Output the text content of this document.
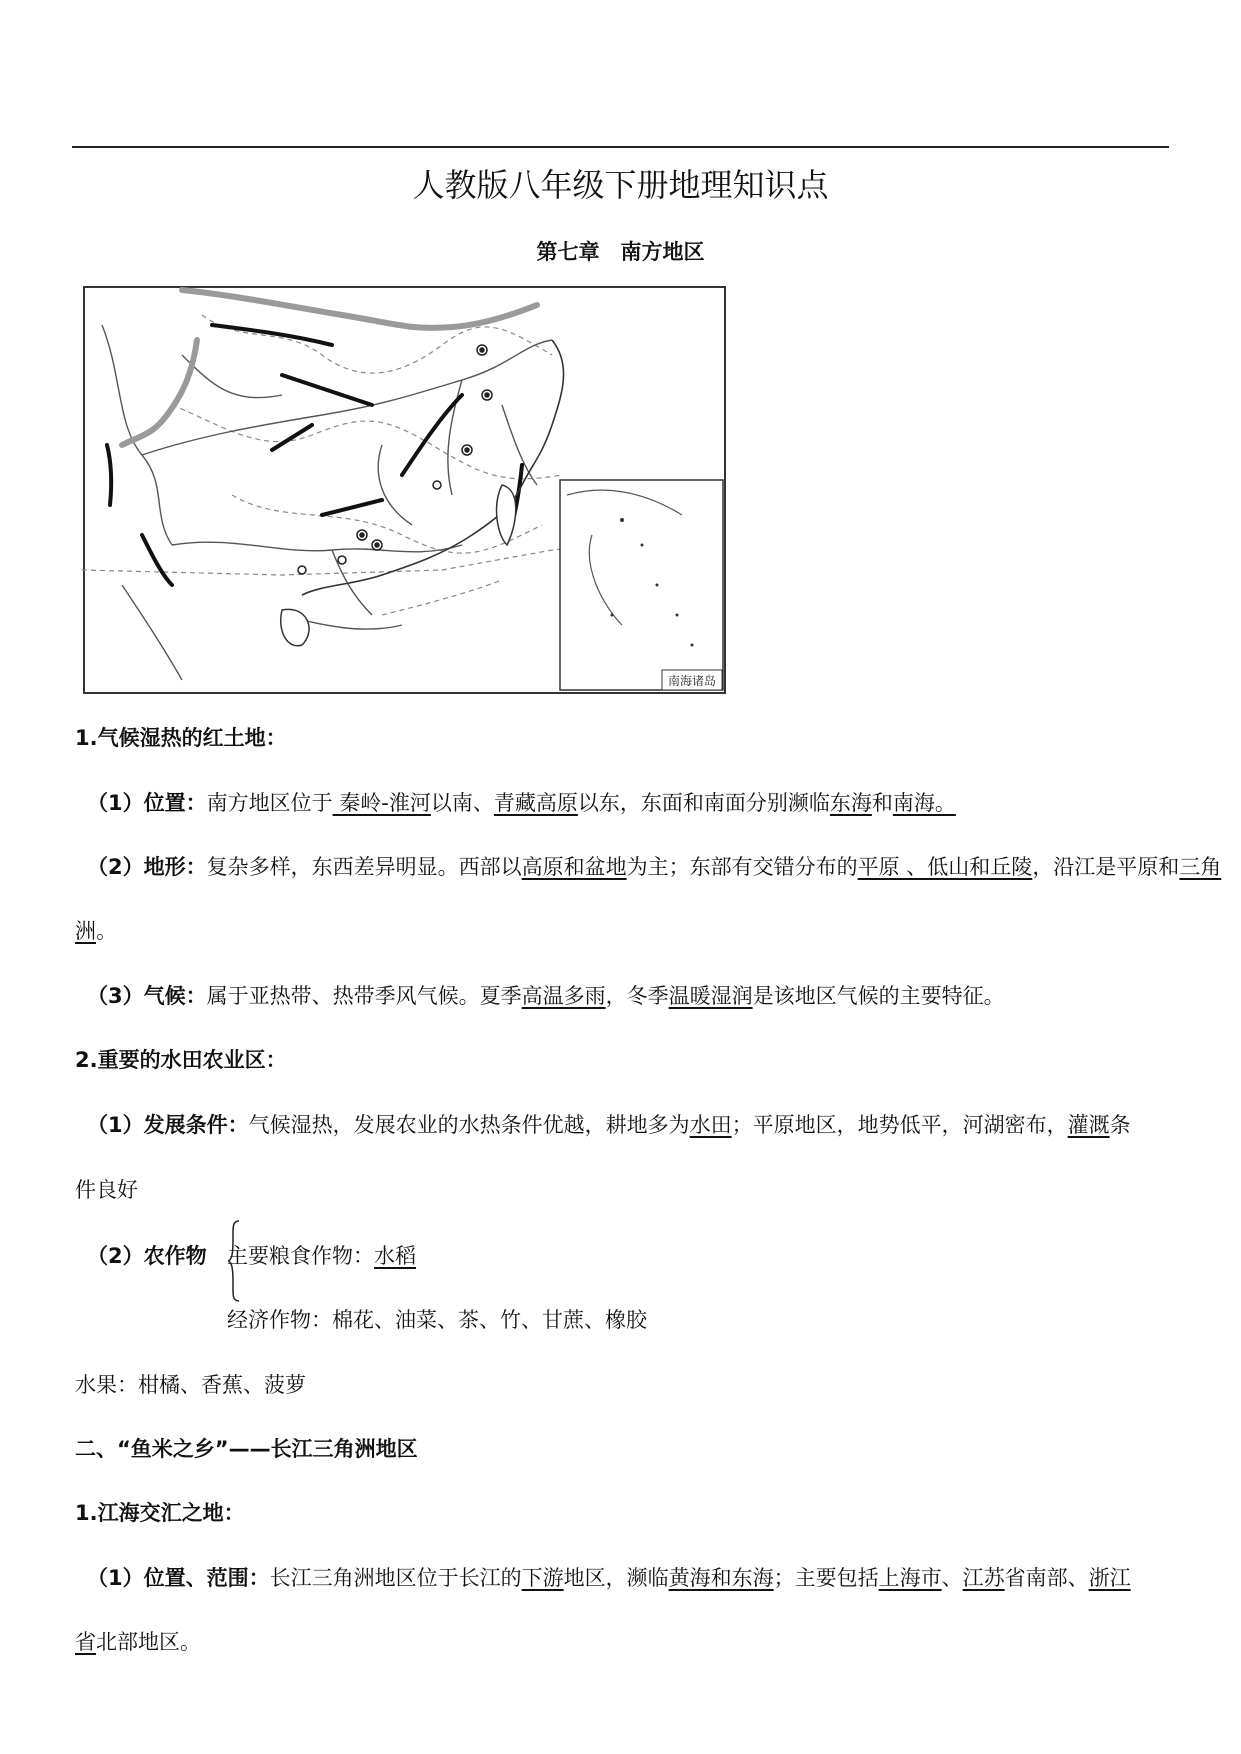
人教版八年级下册地理知识点
第七章　南方地区
南海诸岛
1.气候湿热的红土地：
（1）位置：南方地区位于 秦岭-淮河以南、青藏高原以东，东面和南面分别濒临东海和南海。
（2）地形：复杂多样，东西差异明显。西部以高原和盆地为主；东部有交错分布的平原 、低山和丘陵，沿江是平原和三角
洲。
（3）气候：属于亚热带、热带季风气候。夏季高温多雨，冬季温暖湿润是该地区气候的主要特征。
2.重要的水田农业区：
（1）发展条件：气候湿热，发展农业的水热条件优越，耕地多为水田；平原地区，地势低平，河湖密布，灌溉条
件良好
（2）农作物 主要粮食作物：水稻
经济作物：棉花、油菜、茶、竹、甘蔗、橡胶
水果：柑橘、香蕉、菠萝
二、“鱼米之乡”——长江三角洲地区
1.江海交汇之地：
（1）位置、范围：长江三角洲地区位于长江的下游地区，濒临黄海和东海；主要包括上海市、江苏省南部、浙江
省北部地区。
